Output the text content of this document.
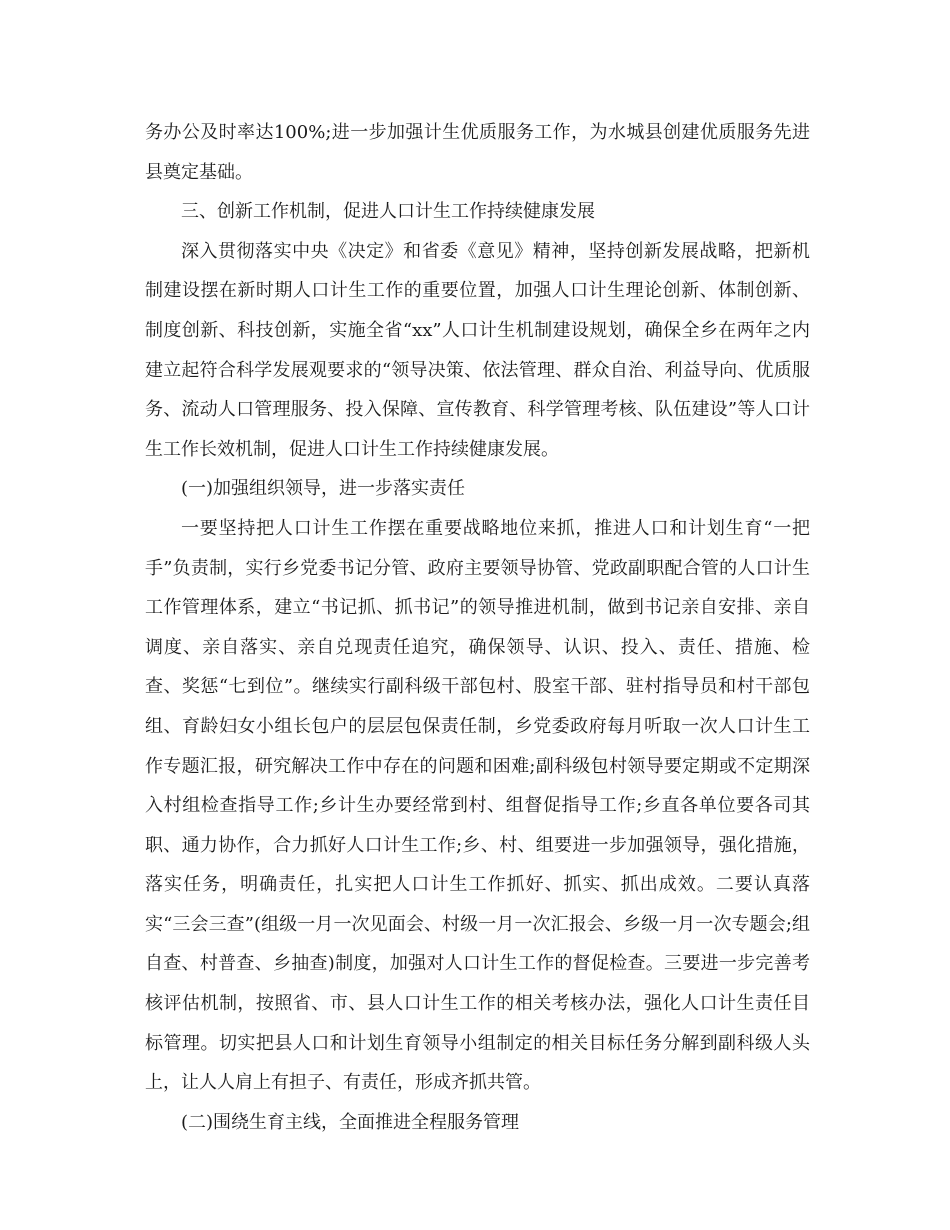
务办公及时率达100%;进一步加强计生优质服务工作，为水城县创建优质服务先进县奠定基础。

三、创新工作机制，促进人口计生工作持续健康发展

深入贯彻落实中央《决定》和省委《意见》精神，坚持创新发展战略，把新机制建设摆在新时期人口计生工作的重要位置，加强人口计生理论创新、体制创新、制度创新、科技创新，实施全省“xx”人口计生机制建设规划，确保全乡在两年之内建立起符合科学发展观要求的“领导决策、依法管理、群众自治、利益导向、优质服务、流动人口管理服务、投入保障、宣传教育、科学管理考核、队伍建设”等人口计生工作长效机制，促进人口计生工作持续健康发展。

(一)加强组织领导，进一步落实责任

一要坚持把人口计生工作摆在重要战略地位来抓，推进人口和计划生育“一把手”负责制，实行乡党委书记分管、政府主要领导协管、党政副职配合管的人口计生工作管理体系，建立“书记抓、抓书记”的领导推进机制，做到书记亲自安排、亲自调度、亲自落实、亲自兑现责任追究，确保领导、认识、投入、责任、措施、检查、奖惩“七到位”。继续实行副科级干部包村、股室干部、驻村指导员和村干部包组、育龄妇女小组长包户的层层包保责任制，乡党委政府每月听取一次人口计生工作专题汇报，研究解决工作中存在的问题和困难;副科级包村领导要定期或不定期深入村组检查指导工作;乡计生办要经常到村、组督促指导工作;乡直各单位要各司其职、通力协作，合力抓好人口计生工作;乡、村、组要进一步加强领导，强化措施，落实任务，明确责任，扎实把人口计生工作抓好、抓实、抓出成效。二要认真落实“三会三查”(组级一月一次见面会、村级一月一次汇报会、乡级一月一次专题会;组自查、村普查、乡抽查)制度，加强对人口计生工作的督促检查。三要进一步完善考核评估机制，按照省、市、县人口计生工作的相关考核办法，强化人口计生责任目标管理。切实把县人口和计划生育领导小组制定的相关目标任务分解到副科级人头上，让人人肩上有担子、有责任，形成齐抓共管。

(二)围绕生育主线，全面推进全程服务管理
